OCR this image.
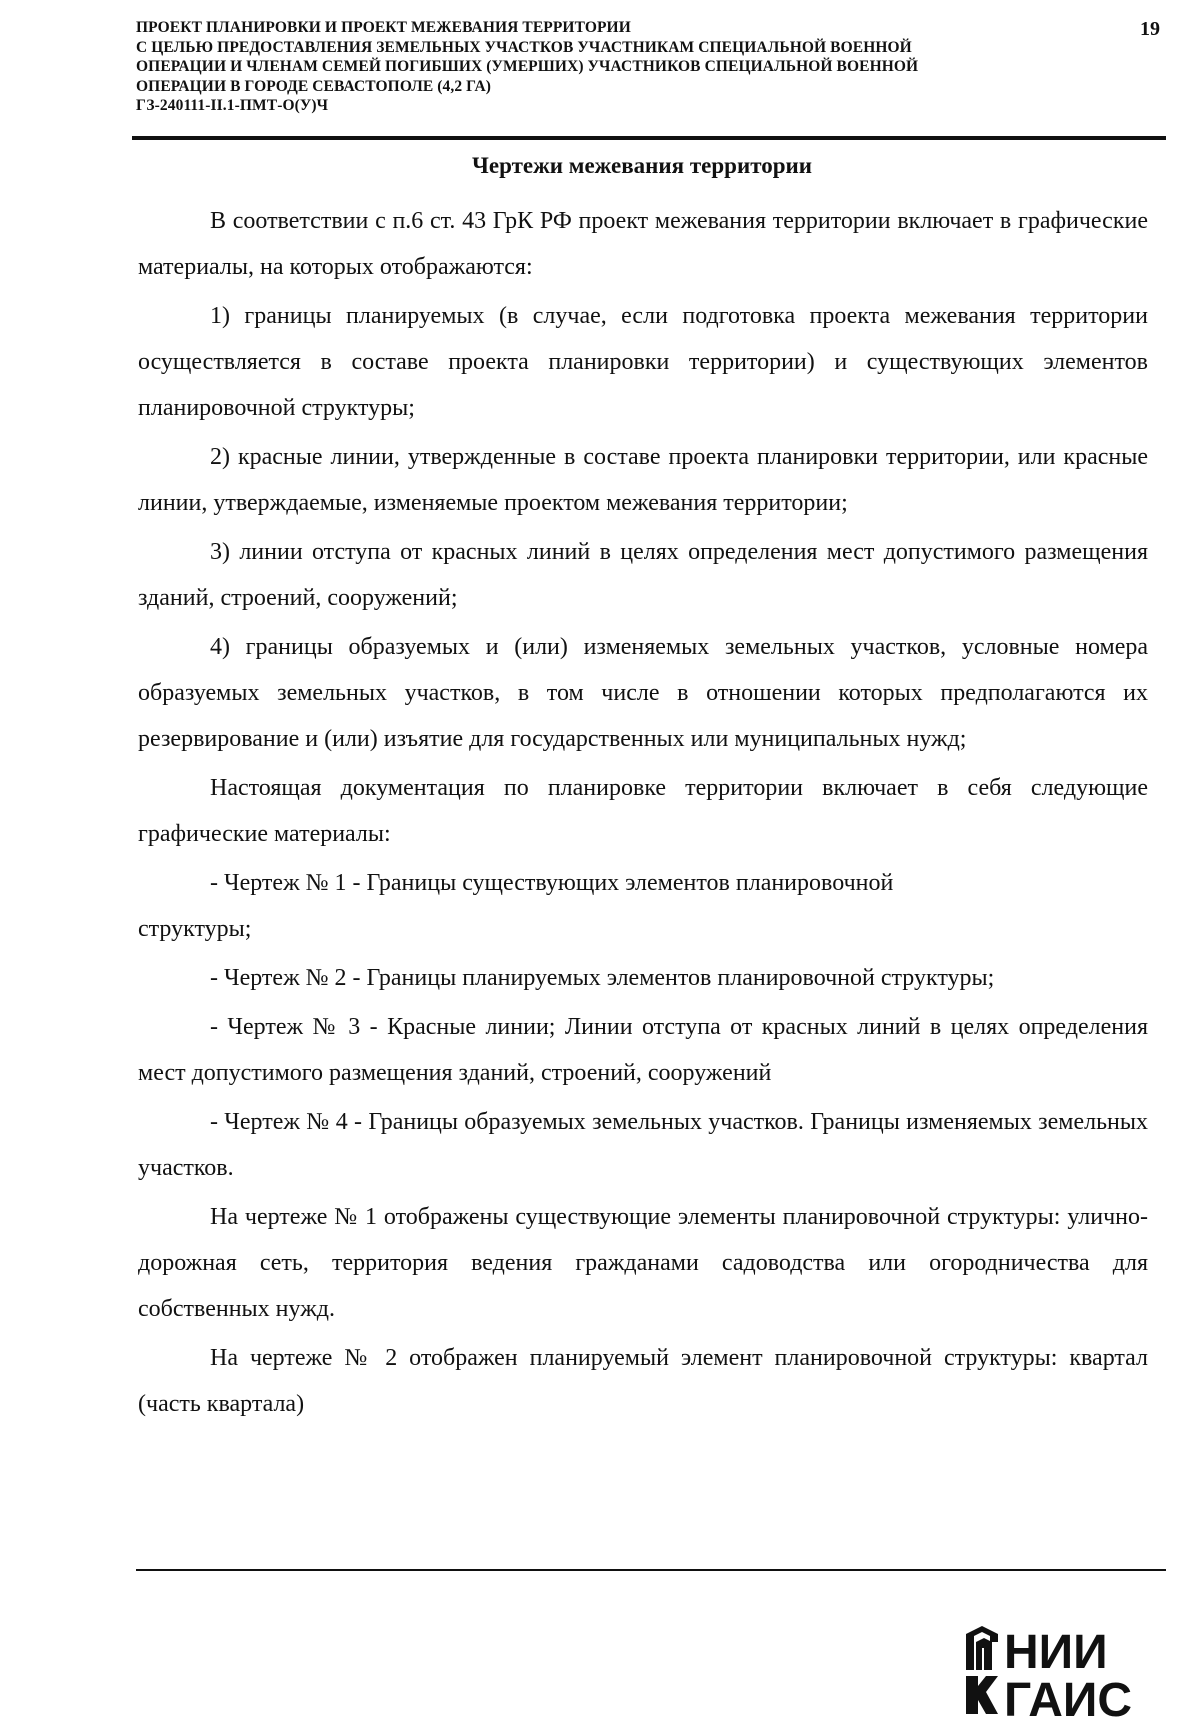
ПРОЕКТ ПЛАНИРОВКИ И ПРОЕКТ МЕЖЕВАНИЯ ТЕРРИТОРИИ
С ЦЕЛЬЮ ПРЕДОСТАВЛЕНИЯ ЗЕМЕЛЬНЫХ УЧАСТКОВ УЧАСТНИКАМ СПЕЦИАЛЬНОЙ ВОЕННОЙ
ОПЕРАЦИИ И ЧЛЕНАМ СЕМЕЙ ПОГИБШИХ (УМЕРШИХ) УЧАСТНИКОВ СПЕЦИАЛЬНОЙ ВОЕННОЙ
ОПЕРАЦИИ В ГОРОДЕ СЕВАСТОПОЛЕ (4,2 ГА)
ГЗ-240111-II.1-ПМТ-О(У)Ч
19
Чертежи межевания территории

В соответствии с п.6 ст. 43 ГрК РФ проект межевания территории включает в графические материалы, на которых отображаются:

1) границы планируемых (в случае, если подготовка проекта межевания территории осуществляется в составе проекта планировки территории) и существующих элементов планировочной структуры;

2) красные линии, утвержденные в составе проекта планировки территории, или красные линии, утверждаемые, изменяемые проектом межевания территории;

3) линии отступа от красных линий в целях определения мест допустимого размещения зданий, строений, сооружений;

4) границы образуемых и (или) изменяемых земельных участков, условные номера образуемых земельных участков, в том числе в отношении которых предполагаются их резервирование и (или) изъятие для государственных или муниципальных нужд;

Настоящая документация по планировке территории включает в себя следующие графические материалы:

- Чертеж № 1 - Границы существующих элементов планировочной

структуры;

- Чертеж № 2 - Границы планируемых элементов планировочной структуры;

- Чертеж № 3 - Красные линии; Линии отступа от красных линий в целях определения мест допустимого размещения зданий, строений, сооружений

- Чертеж № 4 - Границы образуемых земельных участков. Границы изменяемых земельных участков.

На чертеже № 1 отображены существующие элементы планировочной структуры: улично-дорожная сеть, территория ведения гражданами садоводства или огородничества для собственных нужд.

На чертеже № 2 отображен планируемый элемент планировочной структуры: квартал (часть квартала)

НИИ
ГАИС
